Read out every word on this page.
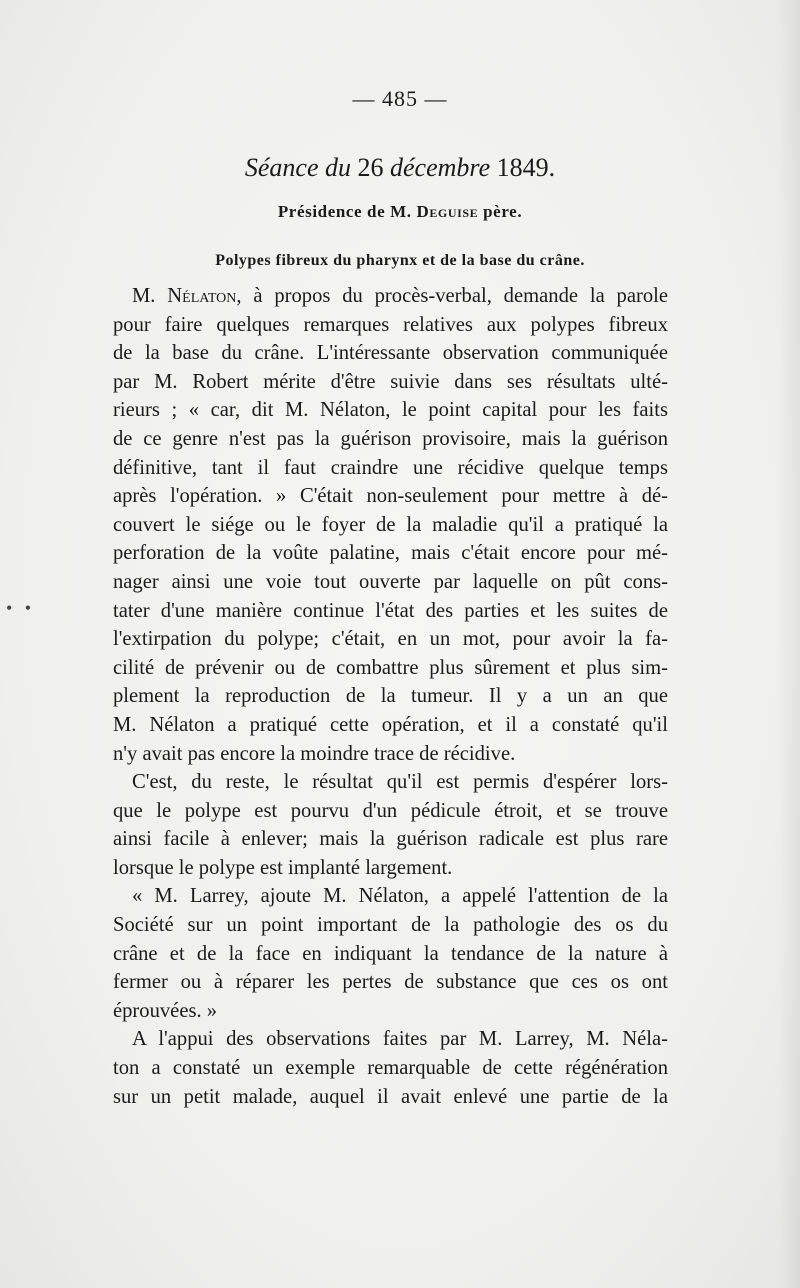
— 485 —
Séance du 26 décembre 1849.
Présidence de M. Deguise père.
Polypes fibreux du pharynx et de la base du crâne.
• •
M. Nélaton, à propos du procès-verbal, demande la parole
pour faire quelques remarques relatives aux polypes fibreux
de la base du crâne. L'intéressante observation communiquée
par M. Robert mérite d'être suivie dans ses résultats ulté-
rieurs ; « car, dit M. Nélaton, le point capital pour les faits
de ce genre n'est pas la guérison provisoire, mais la guérison
définitive, tant il faut craindre une récidive quelque temps
après l'opération. » C'était non-seulement pour mettre à dé-
couvert le siége ou le foyer de la maladie qu'il a pratiqué la
perforation de la voûte palatine, mais c'était encore pour mé-
nager ainsi une voie tout ouverte par laquelle on pût cons-
tater d'une manière continue l'état des parties et les suites de
l'extirpation du polype; c'était, en un mot, pour avoir la fa-
cilité de prévenir ou de combattre plus sûrement et plus sim-
plement la reproduction de la tumeur. Il y a un an que
M. Nélaton a pratiqué cette opération, et il a constaté qu'il
n'y avait pas encore la moindre trace de récidive.
C'est, du reste, le résultat qu'il est permis d'espérer lors-
que le polype est pourvu d'un pédicule étroit, et se trouve
ainsi facile à enlever; mais la guérison radicale est plus rare
lorsque le polype est implanté largement.
« M. Larrey, ajoute M. Nélaton, a appelé l'attention de la
Société sur un point important de la pathologie des os du
crâne et de la face en indiquant la tendance de la nature à
fermer ou à réparer les pertes de substance que ces os ont
éprouvées. »
A l'appui des observations faites par M. Larrey, M. Néla-
ton a constaté un exemple remarquable de cette régénération
sur un petit malade, auquel il avait enlevé une partie de la
